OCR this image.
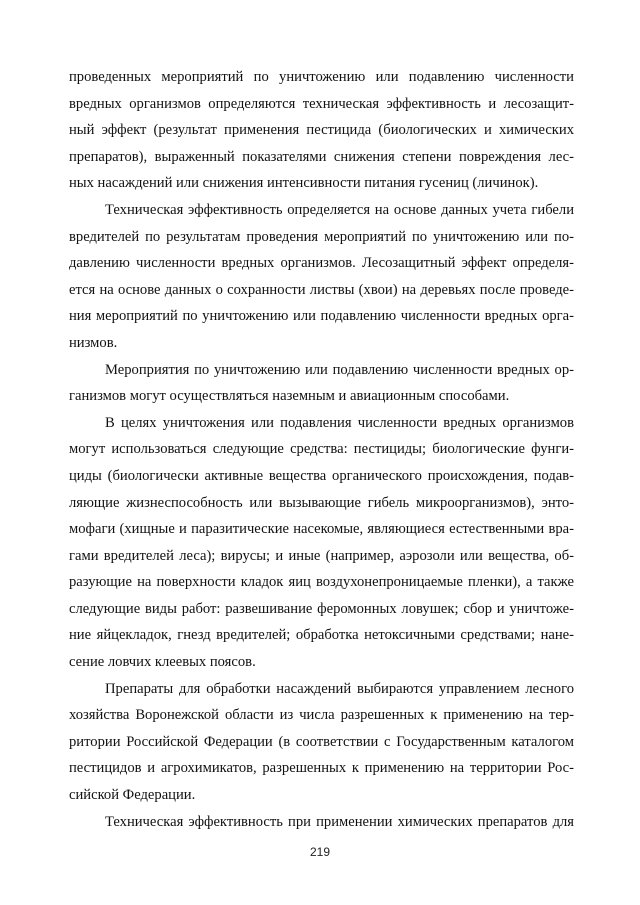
проведенных мероприятий по уничтожению или подавлению численности
вредных организмов определяются техническая эффективность и лесозащит-
ный эффект (результат применения пестицида (биологических и химических
препаратов), выраженный показателями снижения степени повреждения лес-
ных насаждений или снижения интенсивности питания гусениц (личинок).
Техническая эффективность определяется на основе данных учета гибели
вредителей по результатам проведения мероприятий по уничтожению или по-
давлению численности вредных организмов. Лесозащитный эффект определя-
ется на основе данных о сохранности листвы (хвои) на деревьях после проведе-
ния мероприятий по уничтожению или подавлению численности вредных орга-
низмов.
Мероприятия по уничтожению или подавлению численности вредных ор-
ганизмов могут осуществляться наземным и авиационным способами.
В целях уничтожения или подавления численности вредных организмов
могут использоваться следующие средства: пестициды; биологические фунги-
циды (биологически активные вещества органического происхождения, подав-
ляющие жизнеспособность или вызывающие гибель микроорганизмов), энто-
мофаги (хищные и паразитические насекомые, являющиеся естественными вра-
гами вредителей леса); вирусы; и иные (например, аэрозоли или вещества, об-
разующие на поверхности кладок яиц воздухонепроницаемые пленки), а также
следующие виды работ: развешивание феромонных ловушек; сбор и уничтоже-
ние яйцекладок, гнезд вредителей; обработка нетоксичными средствами; нане-
сение ловчих клеевых поясов.
Препараты для обработки насаждений выбираются управлением лесного
хозяйства Воронежской области из числа разрешенных к применению на тер-
ритории Российской Федерации (в соответствии с Государственным каталогом
пестицидов и агрохимикатов, разрешенных к применению на территории Рос-
сийской Федерации.
Техническая эффективность при применении химических препаратов для
219
